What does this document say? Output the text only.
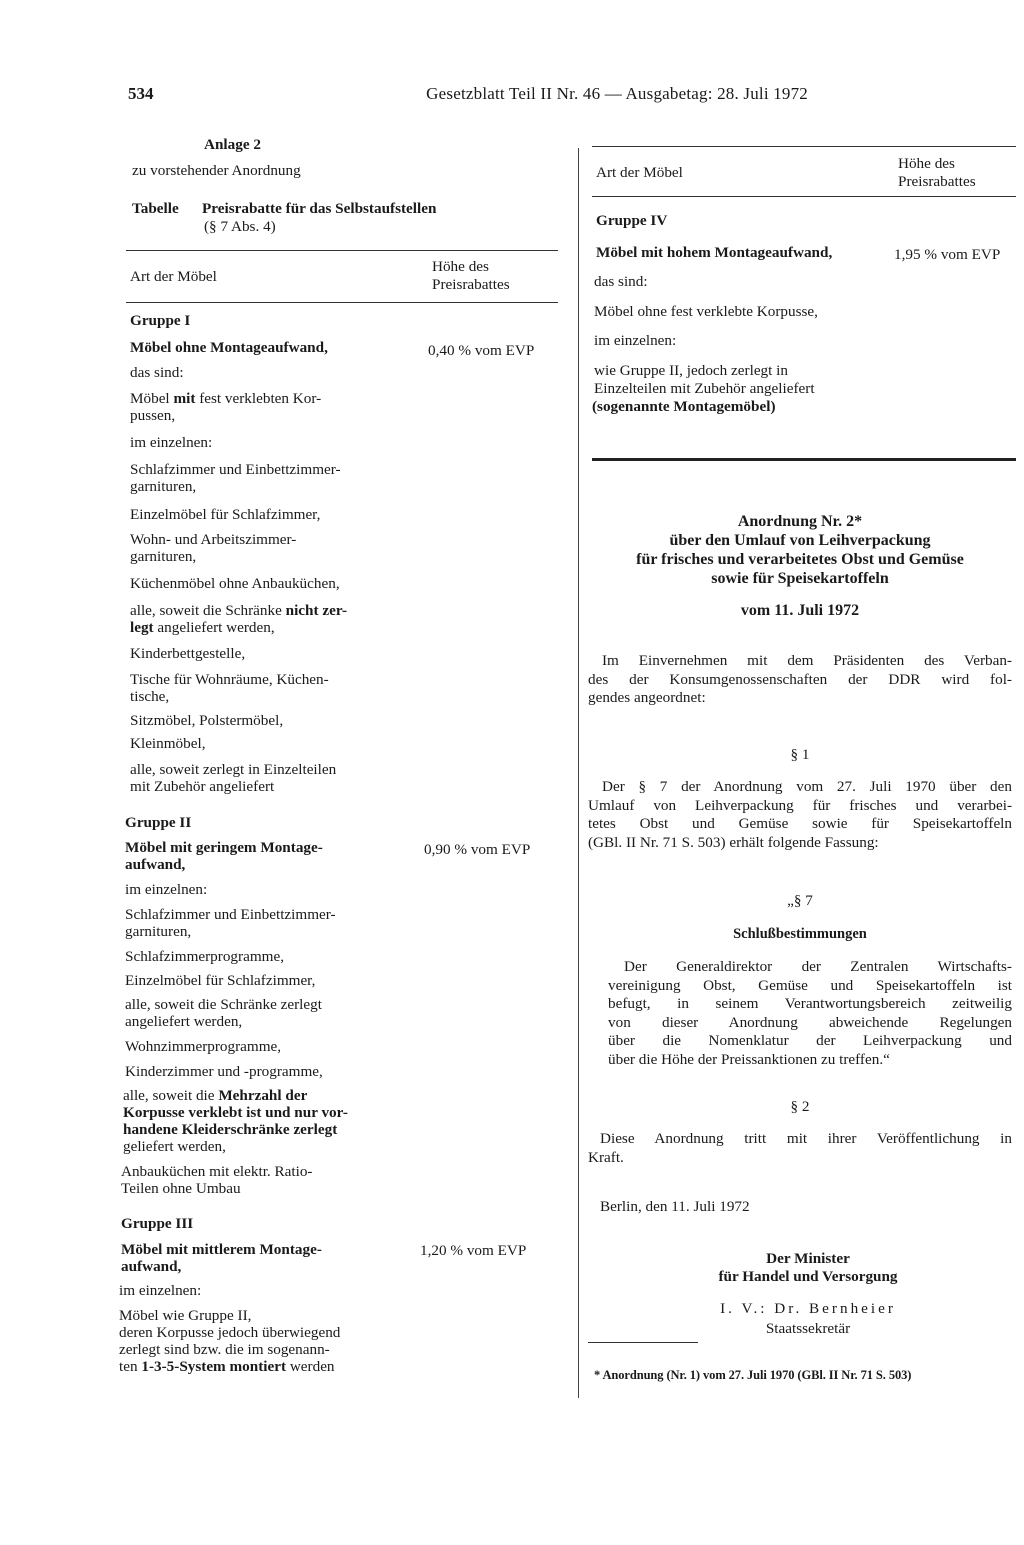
534	Gesetzblatt Teil II Nr. 46 — Ausgabetag: 28. Juli 1972
Anlage 2
zu vorstehender Anordnung
Tabelle Preisrabatte für das Selbstaufstellen
(§ 7 Abs. 4)
Art der Möbel
Höhe des
Preisrabattes
Gruppe I
Möbel ohne Montageaufwand,	0,40 % vom EVP
das sind:
Möbel mit fest verklebten Kor-
pussen,
im einzelnen:
Schlafzimmer und Einbettzimmer-
garnituren,
Einzelmöbel für Schlafzimmer,
Wohn- und Arbeitszimmer-
garnituren,
Küchenmöbel ohne Anbauküchen,
alle, soweit die Schränke nicht zer-
legt angeliefert werden,
Kinderbettgestelle,
Tische für Wohnräume, Küchen-
tische,
Sitzmöbel, Polstermöbel,
Kleinmöbel,
alle, soweit zerlegt in Einzelteilen
mit Zubehör angeliefert
Gruppe II
Möbel mit geringem Montage-
aufwand,
0,90 % vom EVP
im einzelnen:
Schlafzimmer und Einbettzimmer-
garnituren,
Schlafzimmerprogramme,
Einzelmöbel für Schlafzimmer,
alle, soweit die Schränke zerlegt
angeliefert werden,
Wohnzimmerprogramme,
Kinderzimmer und -programme,
alle, soweit die Mehrzahl der
Korpusse verklebt ist und nur vor-
handene Kleiderschränke zerlegt
geliefert werden,
Anbauküchen mit elektr. Ratio-
Teilen ohne Umbau
Gruppe III
Möbel mit mittlerem Montage-
aufwand,
1,20 % vom EVP
im einzelnen:
Möbel wie Gruppe II,
deren Korpusse jedoch überwiegend
zerlegt sind bzw. die im sogenann-
ten 1-3-5-System montiert werden
Art der Möbel
Höhe des
Preisrabattes
Gruppe IV
Möbel mit hohem Montageaufwand,	1,95 % vom EVP
das sind:
Möbel ohne fest verklebte Korpusse,
im einzelnen:
wie Gruppe II, jedoch zerlegt in
Einzelteilen mit Zubehör angeliefert
(sogenannte Montagemöbel)
Anordnung Nr. 2*
über den Umlauf von Leihverpackung
für frisches und verarbeitetes Obst und Gemüse
sowie für Speisekartoffeln
vom 11. Juli 1972
Im Einvernehmen mit dem Präsidenten des Verban-
des der Konsumgenossenschaften der DDR wird fol-
gendes angeordnet:
§ 1
Der § 7 der Anordnung vom 27. Juli 1970 über den
Umlauf von Leihverpackung für frisches und verarbei-
tetes Obst und Gemüse sowie für Speisekartoffeln
(GBl. II Nr. 71 S. 503) erhält folgende Fassung:
„§ 7
Schlußbestimmungen
Der Generaldirektor der Zentralen Wirtschafts-
vereinigung Obst, Gemüse und Speisekartoffeln ist
befugt, in seinem Verantwortungsbereich zeitweilig
von dieser Anordnung abweichende Regelungen
über die Nomenklatur der Leihverpackung und
über die Höhe der Preissanktionen zu treffen.“
§ 2
Diese Anordnung tritt mit ihrer Veröffentlichung in
Kraft.
Berlin, den 11. Juli 1972
Der Minister
für Handel und Versorgung
I. V.: Dr. Bernheier
Staatssekretär
* Anordnung (Nr. 1) vom 27. Juli 1970 (GBl. II Nr. 71 S. 503)
